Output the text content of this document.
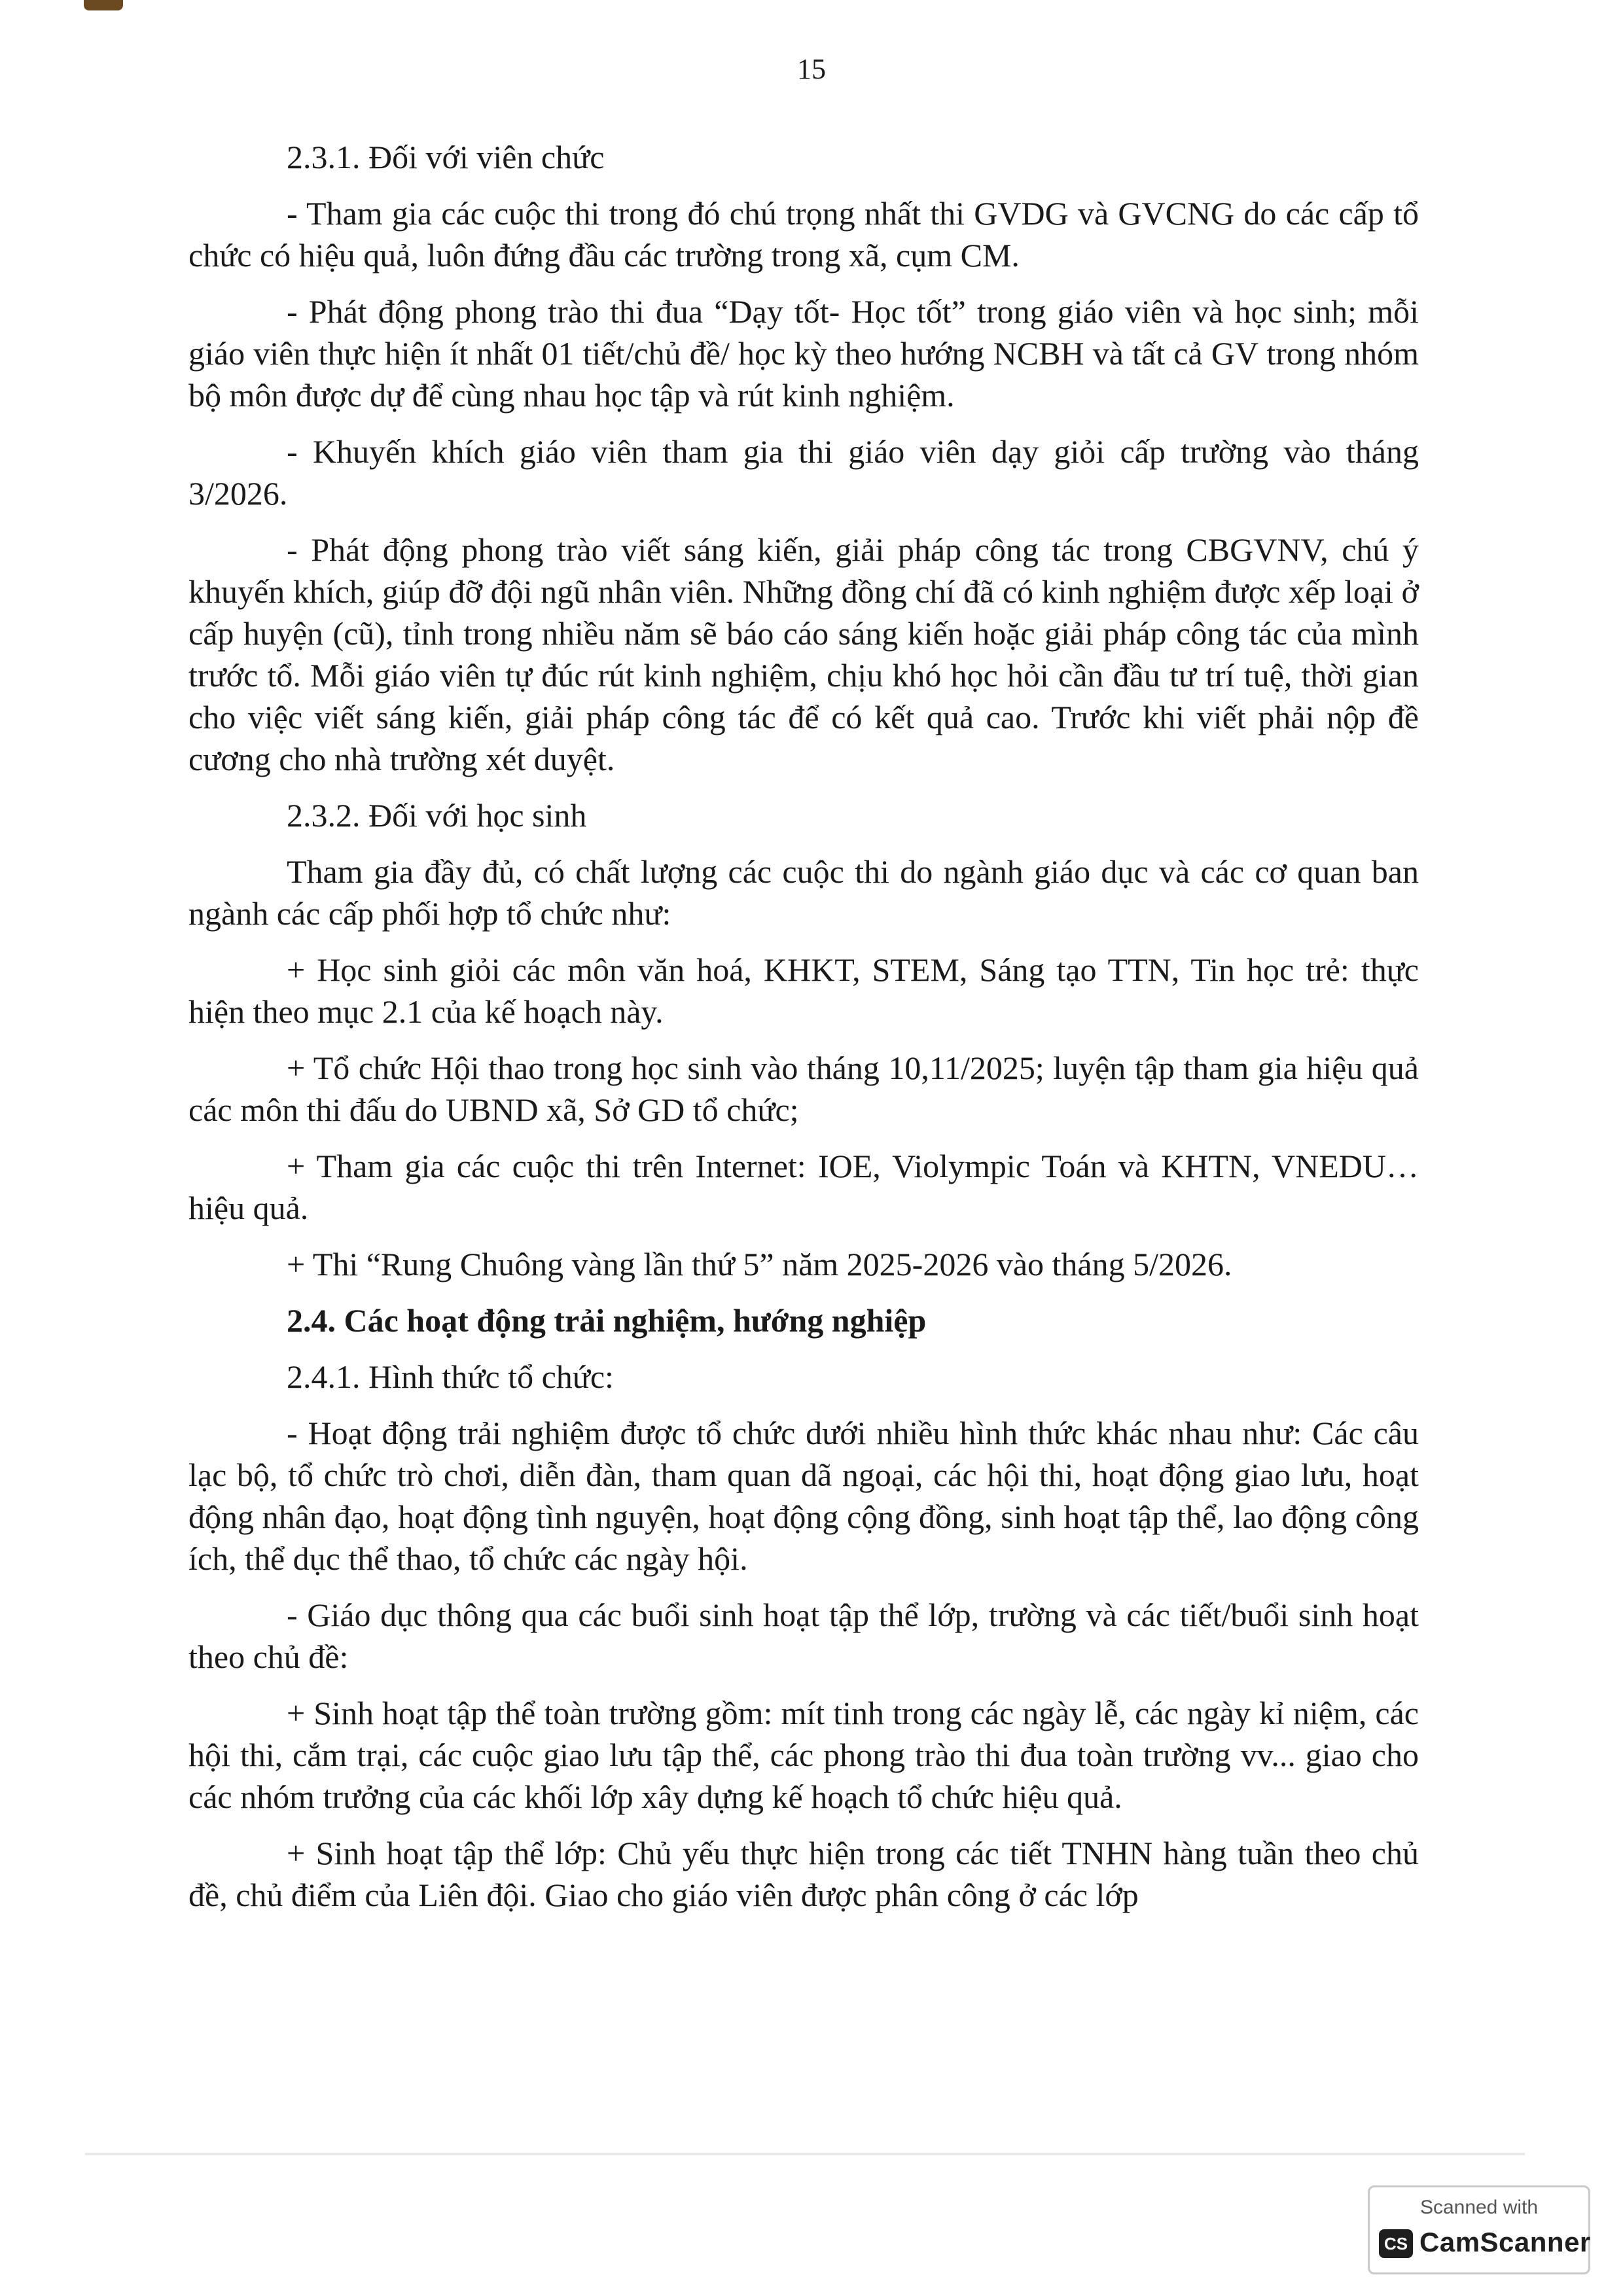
15

2.3.1. Đối với viên chức

- Tham gia các cuộc thi trong đó chú trọng nhất thi GVDG và GVCNG do các cấp tổ chức có hiệu quả, luôn đứng đầu các trường trong xã, cụm CM.

- Phát động phong trào thi đua “Dạy tốt- Học tốt” trong giáo viên và học sinh; mỗi giáo viên thực hiện ít nhất 01 tiết/chủ đề/ học kỳ theo hướng NCBH và tất cả GV trong nhóm bộ môn được dự để cùng nhau học tập và rút kinh nghiệm.

- Khuyến khích giáo viên tham gia thi giáo viên dạy giỏi cấp trường vào tháng 3/2026.

- Phát động phong trào viết sáng kiến, giải pháp công tác trong CBGVNV, chú ý khuyến khích, giúp đỡ đội ngũ nhân viên. Những đồng chí đã có kinh nghiệm được xếp loại ở cấp huyện (cũ), tỉnh trong nhiều năm sẽ báo cáo sáng kiến hoặc giải pháp công tác của mình trước tổ. Mỗi giáo viên tự đúc rút kinh nghiệm, chịu khó học hỏi cần đầu tư trí tuệ, thời gian cho việc viết sáng kiến, giải pháp công tác để có kết quả cao. Trước khi viết phải nộp đề cương cho nhà trường xét duyệt.

2.3.2. Đối với học sinh

Tham gia đầy đủ, có chất lượng các cuộc thi do ngành giáo dục và các cơ quan ban ngành các cấp phối hợp tổ chức như:

+ Học sinh giỏi các môn văn hoá, KHKT, STEM, Sáng tạo TTN, Tin học trẻ: thực hiện theo mục 2.1 của kế hoạch này.

+ Tổ chức Hội thao trong học sinh vào tháng 10,11/2025; luyện tập tham gia hiệu quả các môn thi đấu do UBND xã, Sở GD tổ chức;

+ Tham gia các cuộc thi trên Internet: IOE, Violympic Toán và KHTN, VNEDU… hiệu quả.

+ Thi “Rung Chuông vàng lần thứ 5” năm 2025-2026 vào tháng 5/2026.

2.4. Các hoạt động trải nghiệm, hướng nghiệp

2.4.1. Hình thức tổ chức:

- Hoạt động trải nghiệm được tổ chức dưới nhiều hình thức khác nhau như: Các câu lạc bộ, tổ chức trò chơi, diễn đàn, tham quan dã ngoại, các hội thi, hoạt động giao lưu, hoạt động nhân đạo, hoạt động tình nguyện, hoạt động cộng đồng, sinh hoạt tập thể, lao động công ích, thể dục thể thao, tổ chức các ngày hội.

- Giáo dục thông qua các buổi sinh hoạt tập thể lớp, trường và các tiết/buổi sinh hoạt theo chủ đề:

+ Sinh hoạt tập thể toàn trường gồm: mít tinh trong các ngày lễ, các ngày kỉ niệm, các hội thi, cắm trại, các cuộc giao lưu tập thể, các phong trào thi đua toàn trường vv... giao cho các nhóm trưởng của các khối lớp xây dựng kế hoạch tổ chức hiệu quả.

+ Sinh hoạt tập thể lớp: Chủ yếu thực hiện trong các tiết TNHN hàng tuần theo chủ đề, chủ điểm của Liên đội. Giao cho giáo viên được phân công ở các lớp

Scanned with
CS CamScanner
